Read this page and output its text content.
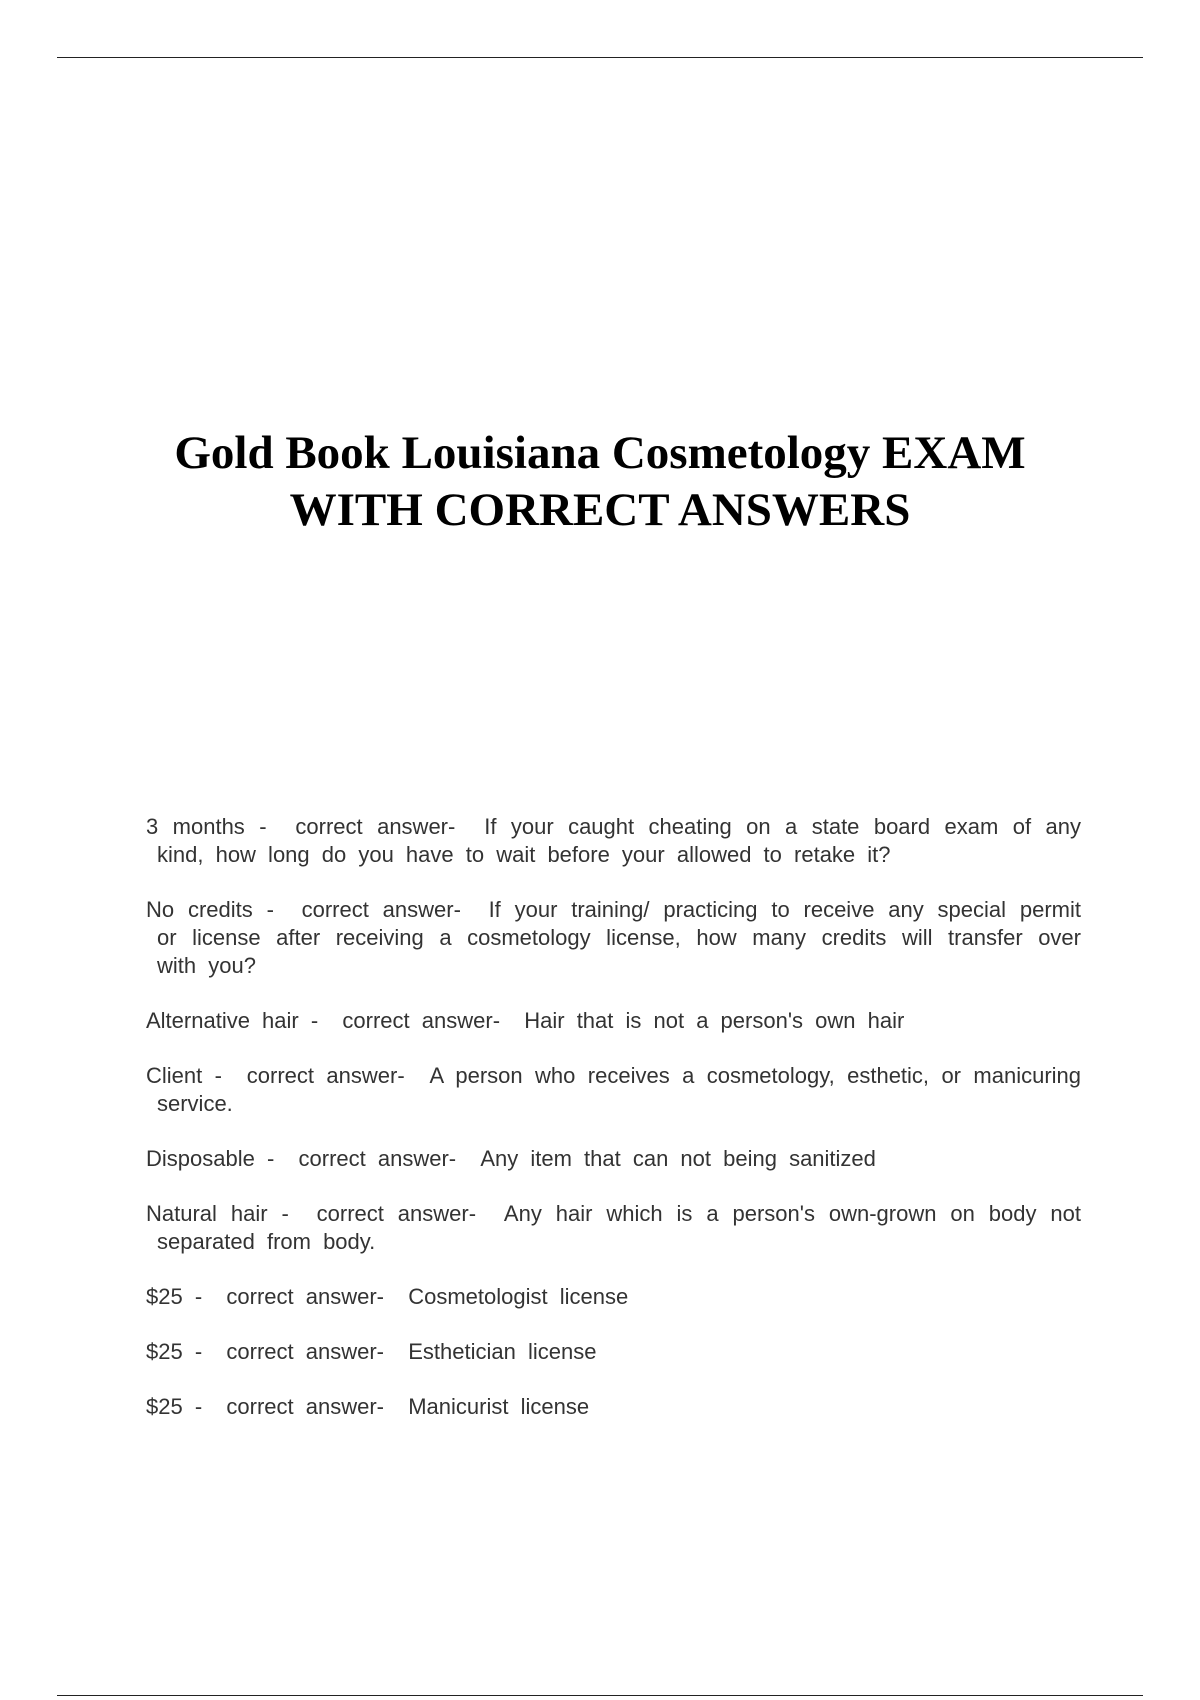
Gold Book Louisiana Cosmetology EXAM
WITH CORRECT ANSWERS
3 months -  correct answer- If your caught cheating on a state board exam of any kind, how long do you have to wait before your allowed to retake it?
No credits -  correct answer- If your training/ practicing to receive any special permit or license after receiving a cosmetology license, how many credits will transfer over with you?
Alternative hair -  correct answer- Hair that is not a person's own hair
Client -  correct answer- A person who receives a cosmetology, esthetic, or manicuring service.
Disposable -  correct answer- Any item that can not being sanitized
Natural hair -  correct answer- Any hair which is a person's own-grown on body not separated from body.
$25 -  correct answer- Cosmetologist license
$25 -  correct answer- Esthetician license
$25 -  correct answer- Manicurist license
